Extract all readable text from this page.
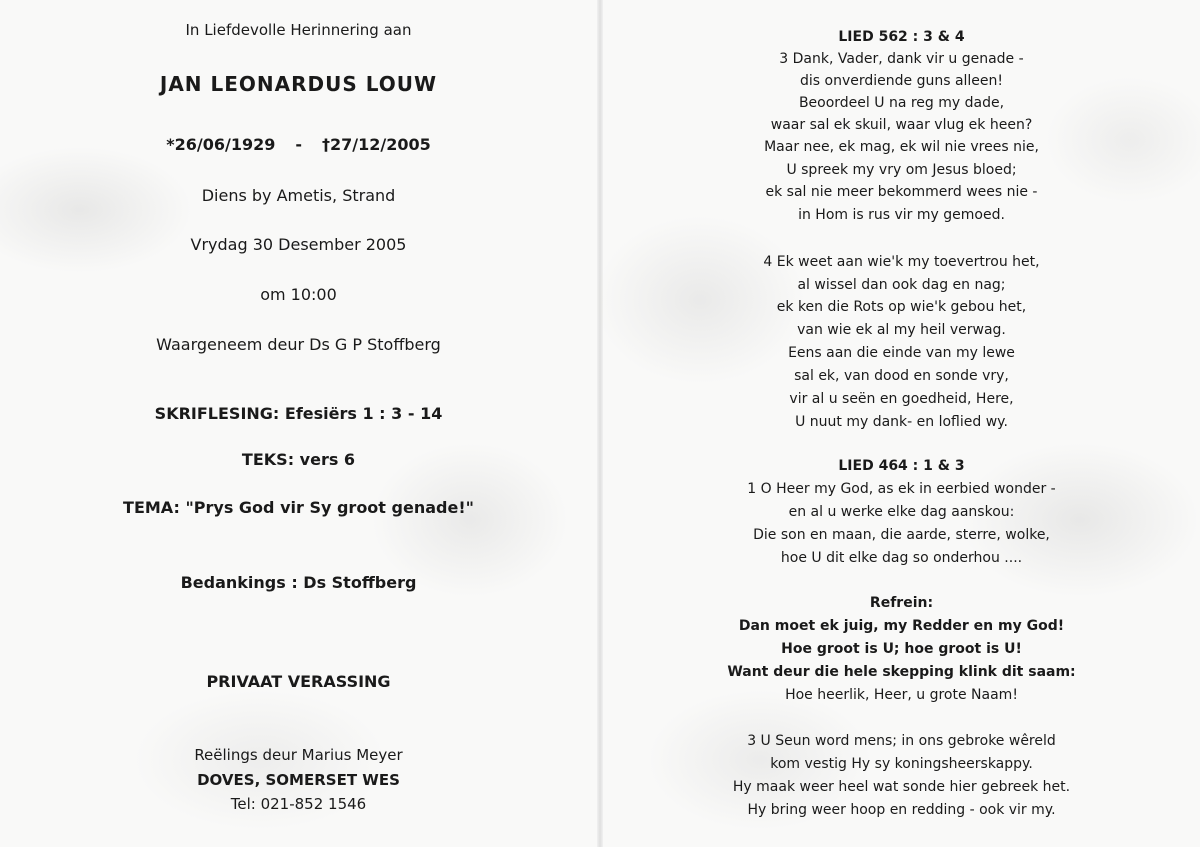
In Liefdevolle Herinnering aan
JAN LEONARDUS LOUW
*26/06/1929 - †27/12/2005
Diens by Ametis, Strand
Vrydag 30 Desember 2005
om 10:00
Waargeneem deur Ds G P Stoffberg
SKRIFLESING: Efesiërs 1 : 3 - 14
TEKS: vers 6
TEMA: "Prys God vir Sy groot genade!"
Bedankings : Ds Stoffberg
PRIVAAT VERASSING
Reëlings deur Marius Meyer
DOVES, SOMERSET WES
Tel: 021-852 1546
LIED 562 : 3 & 4
3 Dank, Vader, dank vir u genade -
dis onverdiende guns alleen!
Beoordeel U na reg my dade,
waar sal ek skuil, waar vlug ek heen?
Maar nee, ek mag, ek wil nie vrees nie,
U spreek my vry om Jesus bloed;
ek sal nie meer bekommerd wees nie -
in Hom is rus vir my gemoed.
4 Ek weet aan wie'k my toevertrou het,
al wissel dan ook dag en nag;
ek ken die Rots op wie'k gebou het,
van wie ek al my heil verwag.
Eens aan die einde van my lewe
sal ek, van dood en sonde vry,
vir al u seën en goedheid, Here,
U nuut my dank- en loflied wy.
LIED 464 : 1 & 3
1 O Heer my God, as ek in eerbied wonder -
en al u werke elke dag aanskou:
Die son en maan, die aarde, sterre, wolke,
hoe U dit elke dag so onderhou ....
Refrein:
Dan moet ek juig, my Redder en my God!
Hoe groot is U; hoe groot is U!
Want deur die hele skepping klink dit saam:
Hoe heerlik, Heer, u grote Naam!
3 U Seun word mens; in ons gebroke wêreld
kom vestig Hy sy koningsheerskappy.
Hy maak weer heel wat sonde hier gebreek het.
Hy bring weer hoop en redding - ook vir my.
